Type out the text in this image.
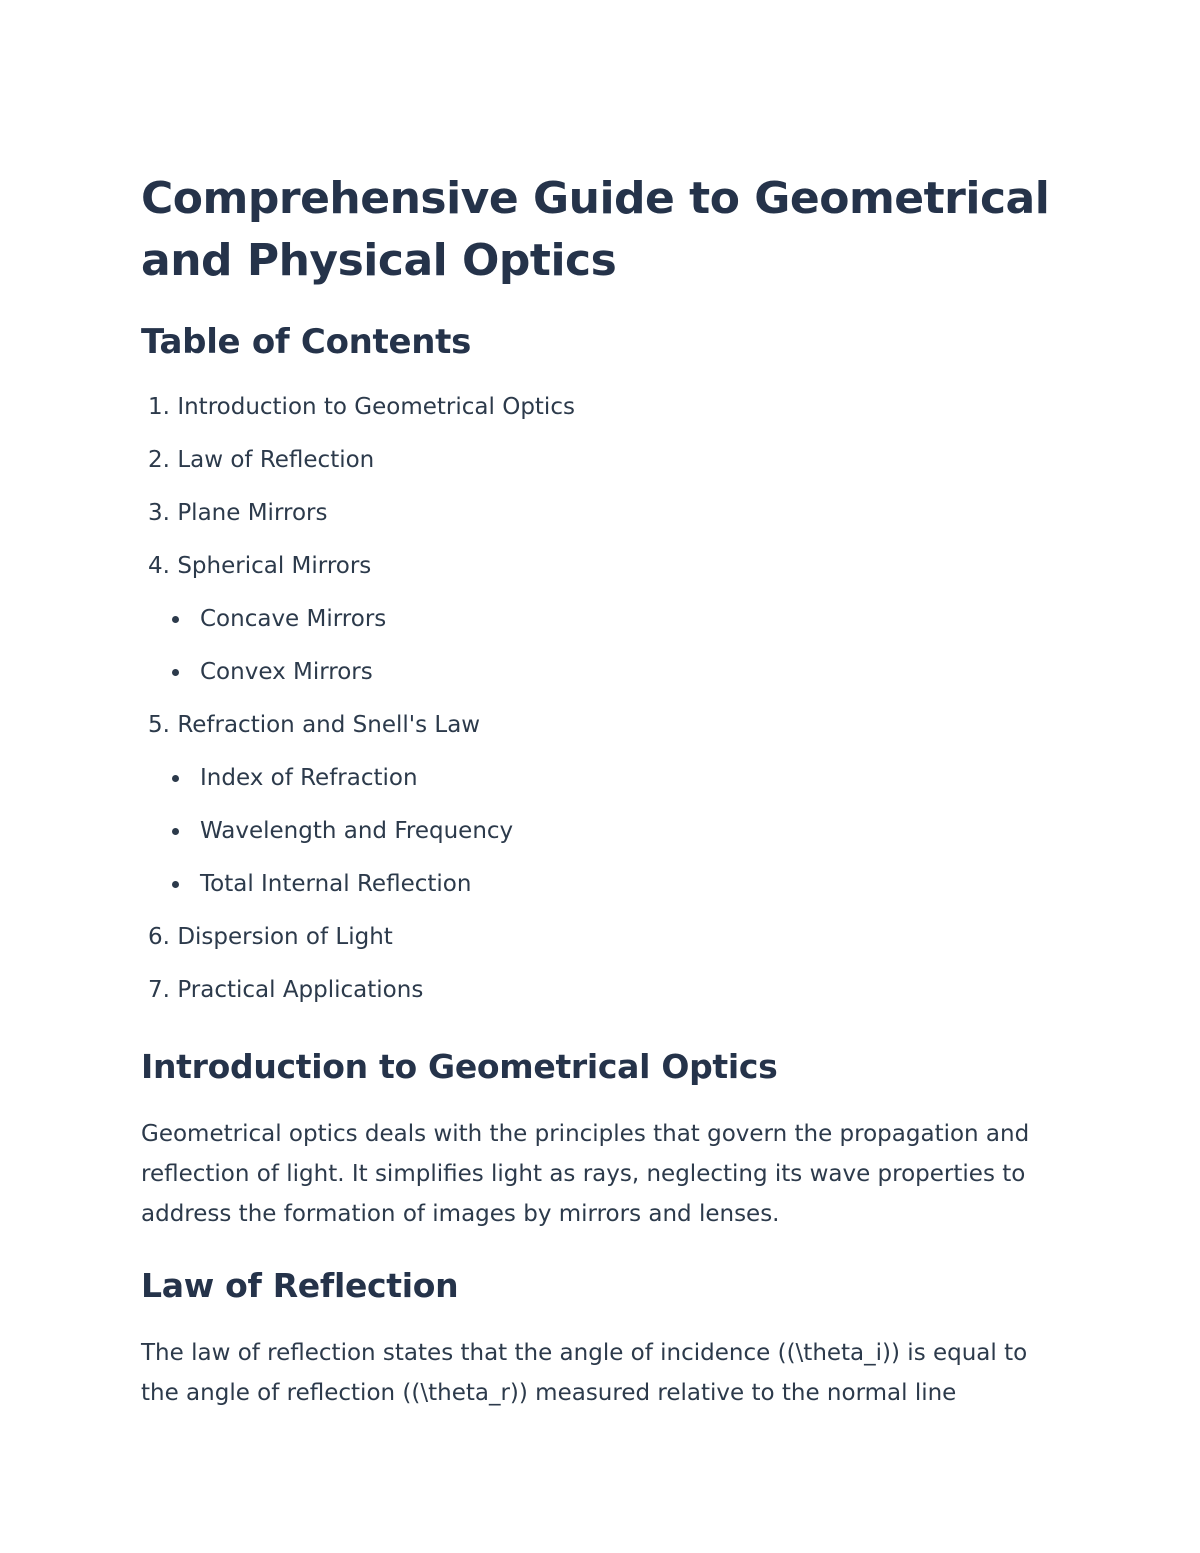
Comprehensive Guide to Geometrical and Physical Optics
Table of Contents
1. Introduction to Geometrical Optics
2. Law of Reflection
3. Plane Mirrors
4. Spherical Mirrors
Concave Mirrors
Convex Mirrors
5. Refraction and Snell's Law
Index of Refraction
Wavelength and Frequency
Total Internal Reflection
6. Dispersion of Light
7. Practical Applications
Introduction to Geometrical Optics

Geometrical optics deals with the principles that govern the propagation and reflection of light. It simplifies light as rays, neglecting its wave properties to address the formation of images by mirrors and lenses.

Law of Reflection

The law of reflection states that the angle of incidence ((\theta_i)) is equal to the angle of reflection ((\theta_r)) measured relative to the normal line
